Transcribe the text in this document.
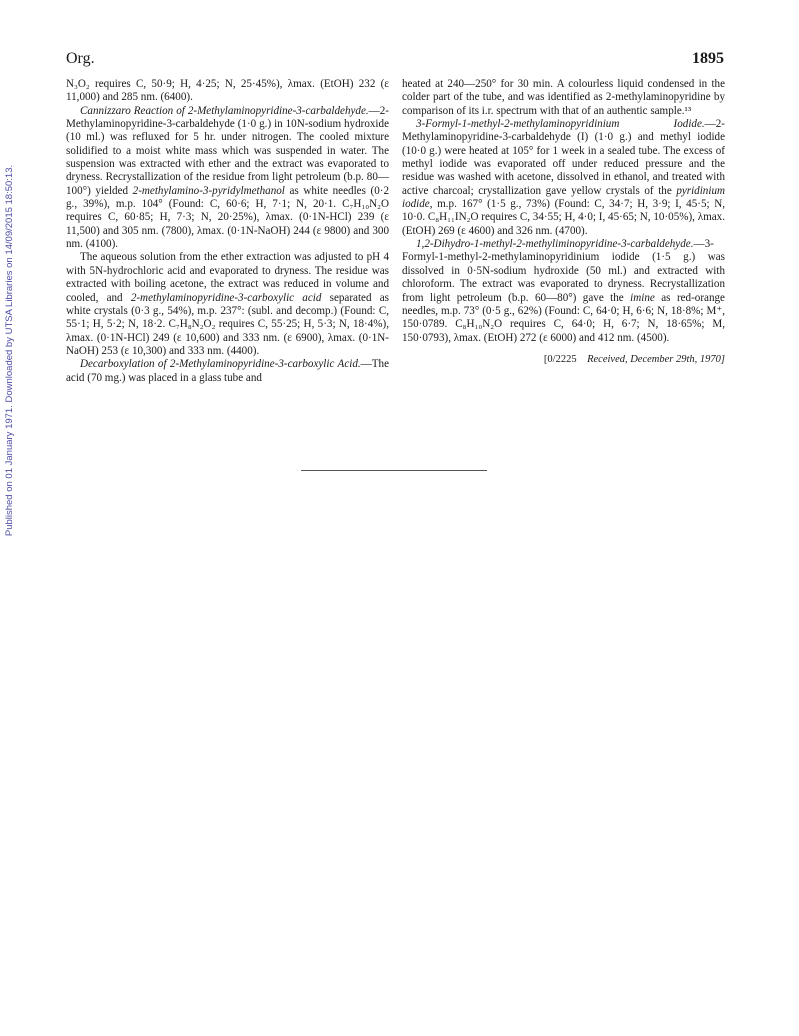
Published on 01 January 1971. Downloaded by UTSA Libraries on 14/09/2015 18:50:13.
Org.	1895

N₃O₂ requires C, 50·9; H, 4·25; N, 25·45%), λmax. (EtOH) 232 (ε 11,000) and 285 nm. (6400).

Cannizzaro Reaction of 2-Methylaminopyridine-3-carbaldehyde.—2-Methylaminopyridine-3-carbaldehyde (1·0 g.) in 10N-sodium hydroxide (10 ml.) was refluxed for 5 hr. under nitrogen. The cooled mixture solidified to a moist white mass which was suspended in water. The suspension was extracted with ether and the extract was evaporated to dryness. Recrystallization of the residue from light petroleum (b.p. 80—100°) yielded 2-methylamino-3-pyridylmethanol as white needles (0·2 g., 39%), m.p. 104° (Found: C, 60·6; H, 7·1; N, 20·1. C₇H₁₀N₂O requires C, 60·85; H, 7·3; N, 20·25%), λmax. (0·1N-HCl) 239 (ε 11,500) and 305 nm. (7800), λmax. (0·1N-NaOH) 244 (ε 9800) and 300 nm. (4100).

The aqueous solution from the ether extraction was adjusted to pH 4 with 5N-hydrochloric acid and evaporated to dryness. The residue was extracted with boiling acetone, the extract was reduced in volume and cooled, and 2-methylaminopyridine-3-carboxylic acid separated as white crystals (0·3 g., 54%), m.p. 237°: (subl. and decomp.) (Found: C, 55·1; H, 5·2; N, 18·2. C₇H₈N₂O₂ requires C, 55·25; H, 5·3; N, 18·4%), λmax. (0·1N-HCl) 249 (ε 10,600) and 333 nm. (ε 6900), λmax. (0·1N-NaOH) 253 (ε 10,300) and 333 nm. (4400).

Decarboxylation of 2-Methylaminopyridine-3-carboxylic Acid.—The acid (70 mg.) was placed in a glass tube and

heated at 240—250° for 30 min. A colourless liquid condensed in the colder part of the tube, and was identified as 2-methylaminopyridine by comparison of its i.r. spectrum with that of an authentic sample.¹³

3-Formyl-1-methyl-2-methylaminopyridinium Iodide.—2-Methylaminopyridine-3-carbaldehyde (I) (1·0 g.) and methyl iodide (10·0 g.) were heated at 105° for 1 week in a sealed tube. The excess of methyl iodide was evaporated off under reduced pressure and the residue was washed with acetone, dissolved in ethanol, and treated with active charcoal; crystallization gave yellow crystals of the pyridinium iodide, m.p. 167° (1·5 g., 73%) (Found: C, 34·7; H, 3·9; I, 45·5; N, 10·0. C₈H₁₁IN₂O requires C, 34·55; H, 4·0; I, 45·65; N, 10·05%), λmax. (EtOH) 269 (ε 4600) and 326 nm. (4700).

1,2-Dihydro-1-methyl-2-methyliminopyridine-3-carbaldehyde.—3-Formyl-1-methyl-2-methylaminopyridinium iodide (1·5 g.) was dissolved in 0·5N-sodium hydroxide (50 ml.) and extracted with chloroform. The extract was evaporated to dryness. Recrystallization from light petroleum (b.p. 60—80°) gave the imine as red-orange needles, m.p. 73° (0·5 g., 62%) (Found: C, 64·0; H, 6·6; N, 18·8%; M⁺, 150·0789. C₈H₁₀N₂O requires C, 64·0; H, 6·7; N, 18·65%; M, 150·0793), λmax. (EtOH) 272 (ε 6000) and 412 nm. (4500).

[0/2225 Received, December 29th, 1970]
